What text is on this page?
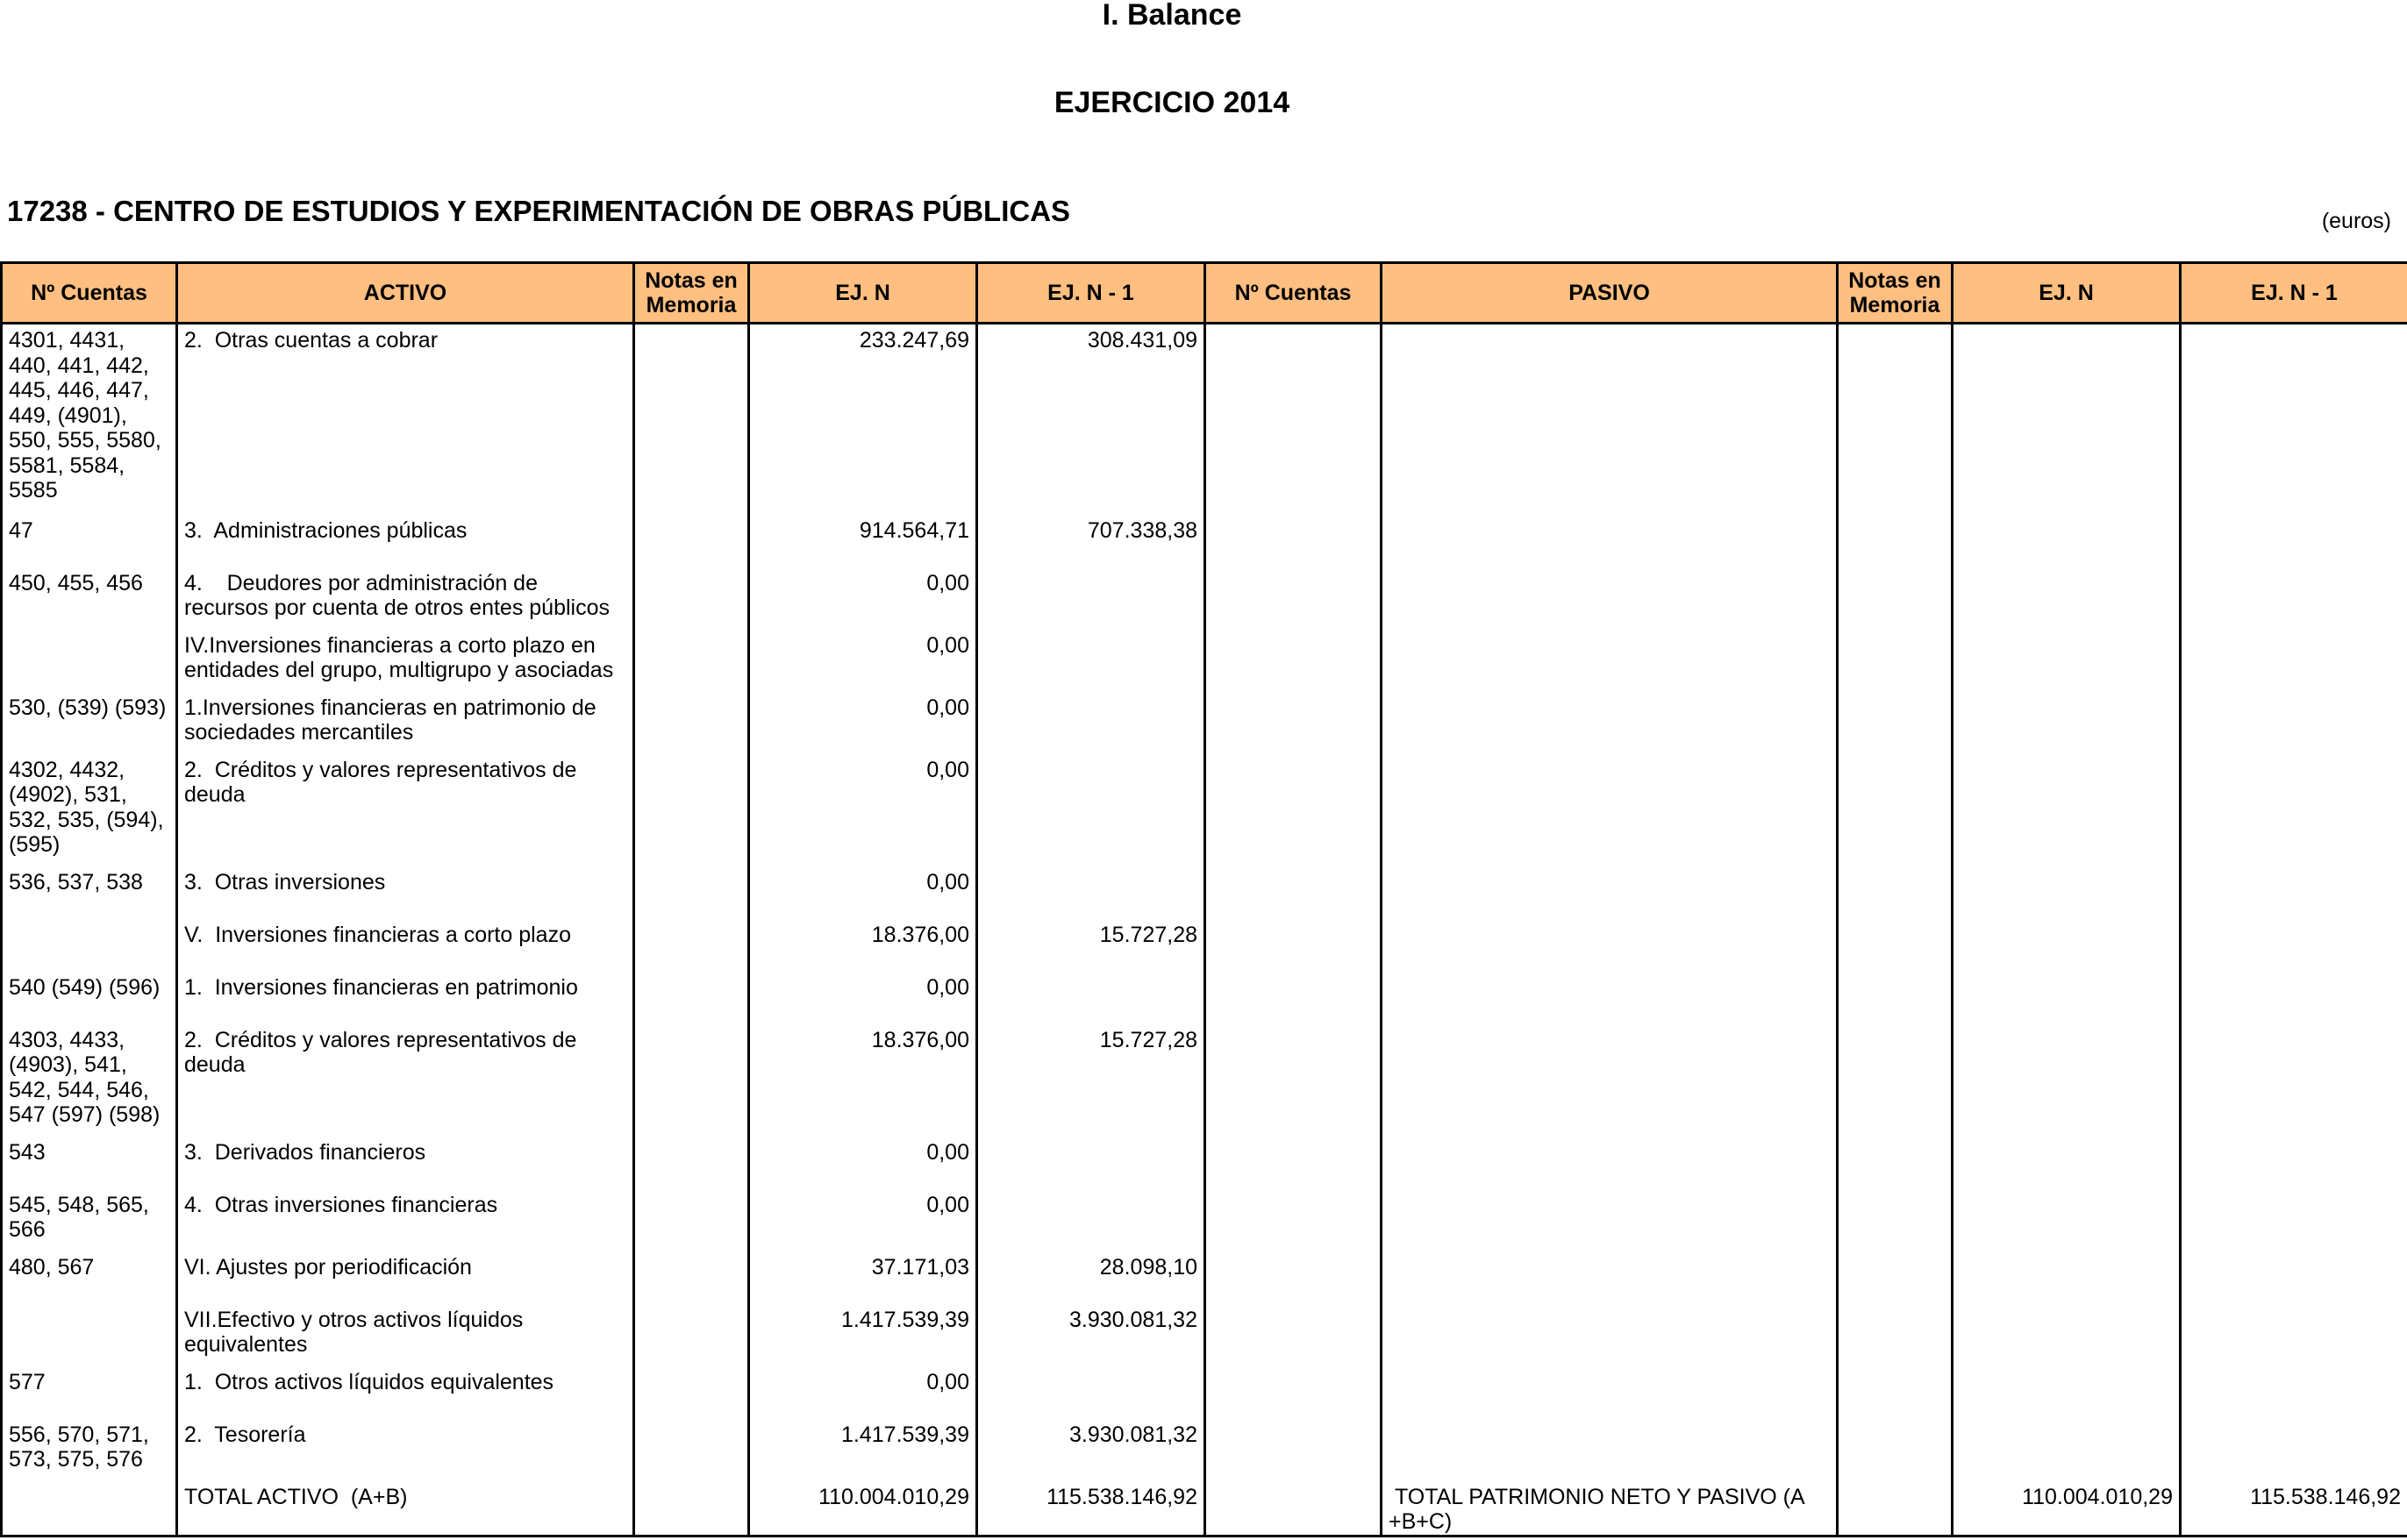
I. Balance
EJERCICIO 2014
17238 - CENTRO DE ESTUDIOS Y EXPERIMENTACIÓN DE OBRAS PÚBLICAS	(euros)
Nº Cuentas	ACTIVO	Notas en Memoria	EJ. N	EJ. N - 1	Nº Cuentas	PASIVO	Notas en Memoria	EJ. N	EJ. N - 1
4301, 4431, 440, 441, 442, 445, 446, 447, 449, (4901), 550, 555, 5580, 5581, 5584, 5585	2.  Otras cuentas a cobrar		233.247,69	308.431,09					
47	3.  Administraciones públicas		914.564,71	707.338,38					
450, 455, 456	4.    Deudores por administración de recursos por cuenta de otros entes públicos		0,00						
	IV.Inversiones financieras a corto plazo en entidades del grupo, multigrupo y asociadas		0,00						
530, (539) (593)	1.Inversiones financieras en patrimonio de sociedades mercantiles		0,00						
4302, 4432, (4902), 531, 532, 535, (594), (595)	2.  Créditos y valores representativos de deuda		0,00						
536, 537, 538	3.  Otras inversiones		0,00						
	V.  Inversiones financieras a corto plazo		18.376,00	15.727,28					
540 (549) (596)	1.  Inversiones financieras en patrimonio		0,00						
4303, 4433, (4903), 541, 542, 544, 546, 547 (597) (598)	2.  Créditos y valores representativos de deuda		18.376,00	15.727,28					
543	3.  Derivados financieros		0,00						
545, 548, 565, 566	4.  Otras inversiones financieras		0,00						
480, 567	VI. Ajustes por periodificación		37.171,03	28.098,10					
	VII.Efectivo y otros activos líquidos equivalentes		1.417.539,39	3.930.081,32					
577	1.  Otros activos líquidos equivalentes		0,00						
556, 570, 571, 573, 575, 576	2.  Tesorería		1.417.539,39	3.930.081,32					
	TOTAL ACTIVO  (A+B)		110.004.010,29	115.538.146,92		TOTAL PATRIMONIO NETO Y PASIVO (A +B+C)		110.004.010,29	115.538.146,92
